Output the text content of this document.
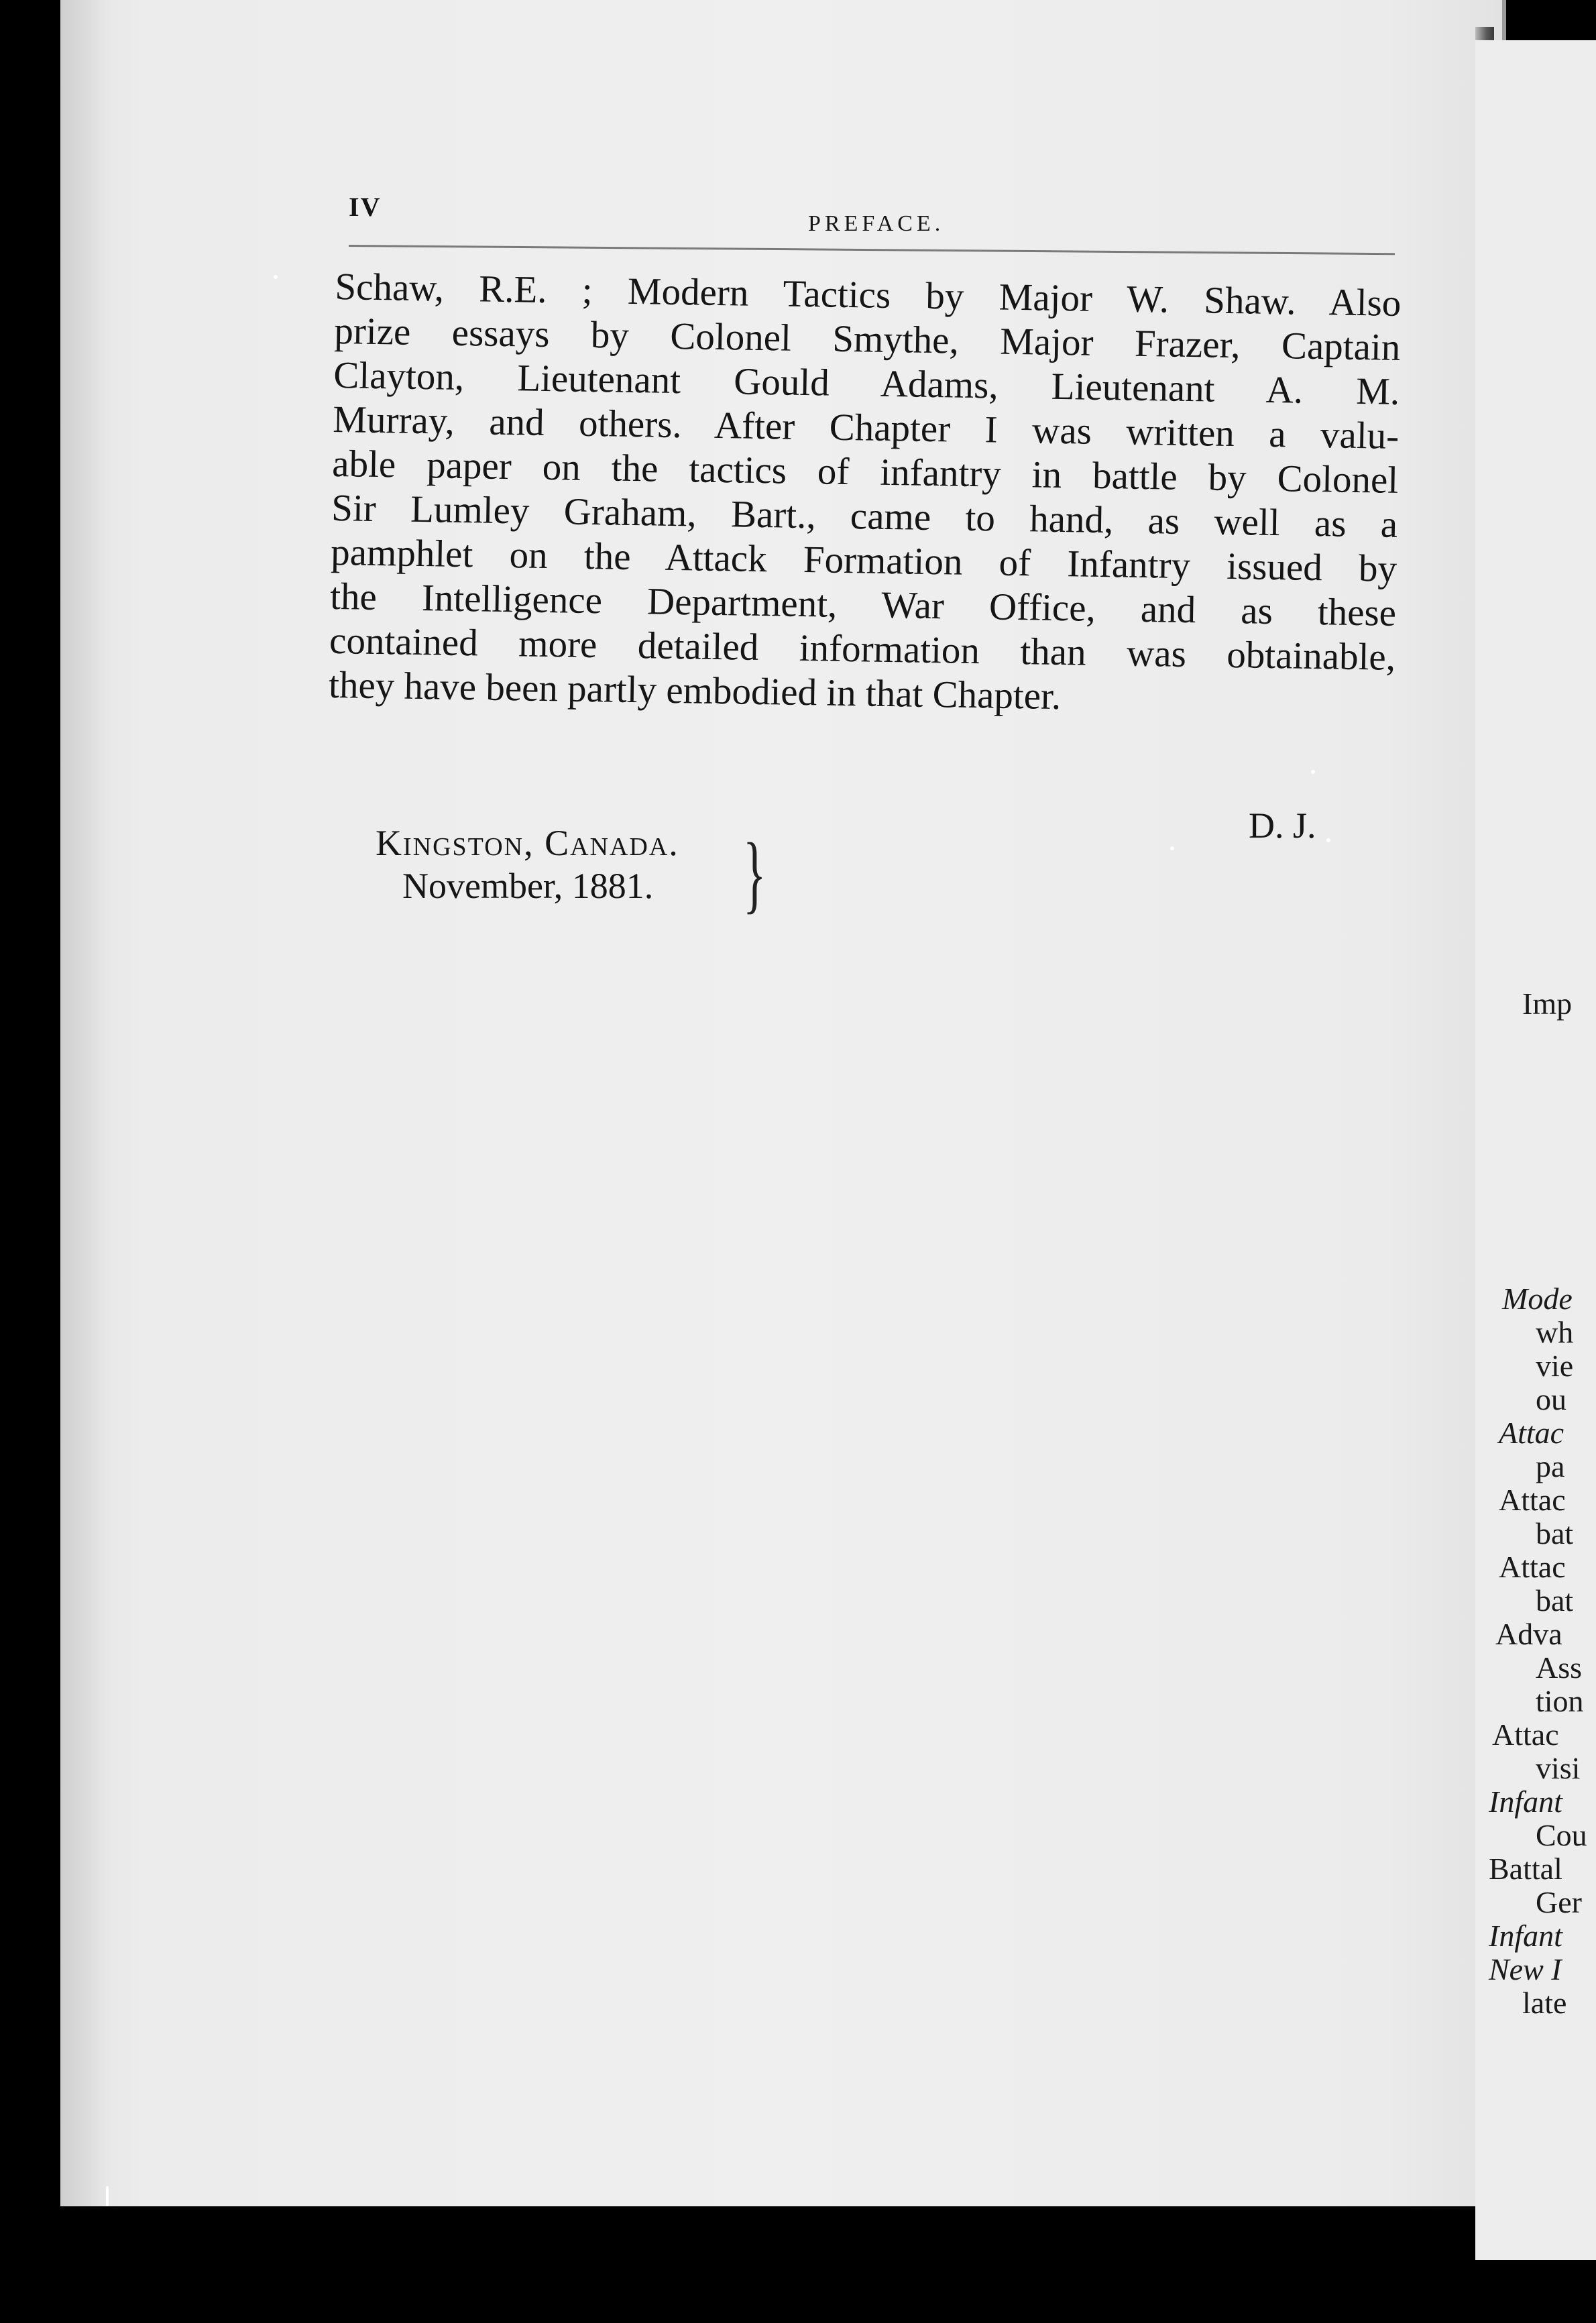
IV
PREFACE.
Schaw, R.E. ; Modern Tactics by Major W. Shaw. Also
prize essays by Colonel Smythe, Major Frazer, Captain
Clayton, Lieutenant Gould Adams, Lieutenant A. M.
Murray, and others. After Chapter I was written a valu-
able paper on the tactics of infantry in battle by Colonel
Sir Lumley Graham, Bart., came to hand, as well as a
pamphlet on the Attack Formation of Infantry issued by
the Intelligence Department, War Office, and as these
contained more detailed information than was obtainable,
they have been partly embodied in that Chapter.
D. J.
Kingston, Canada.
November, 1881.	}
Imp
Mode
wh
vie
ou
Attac
pa
Attac
bat
Attac
bat
Adva
Ass
tion
Attac
visi
Infant
Cou
Battal
Ger
Infant
New I
late
